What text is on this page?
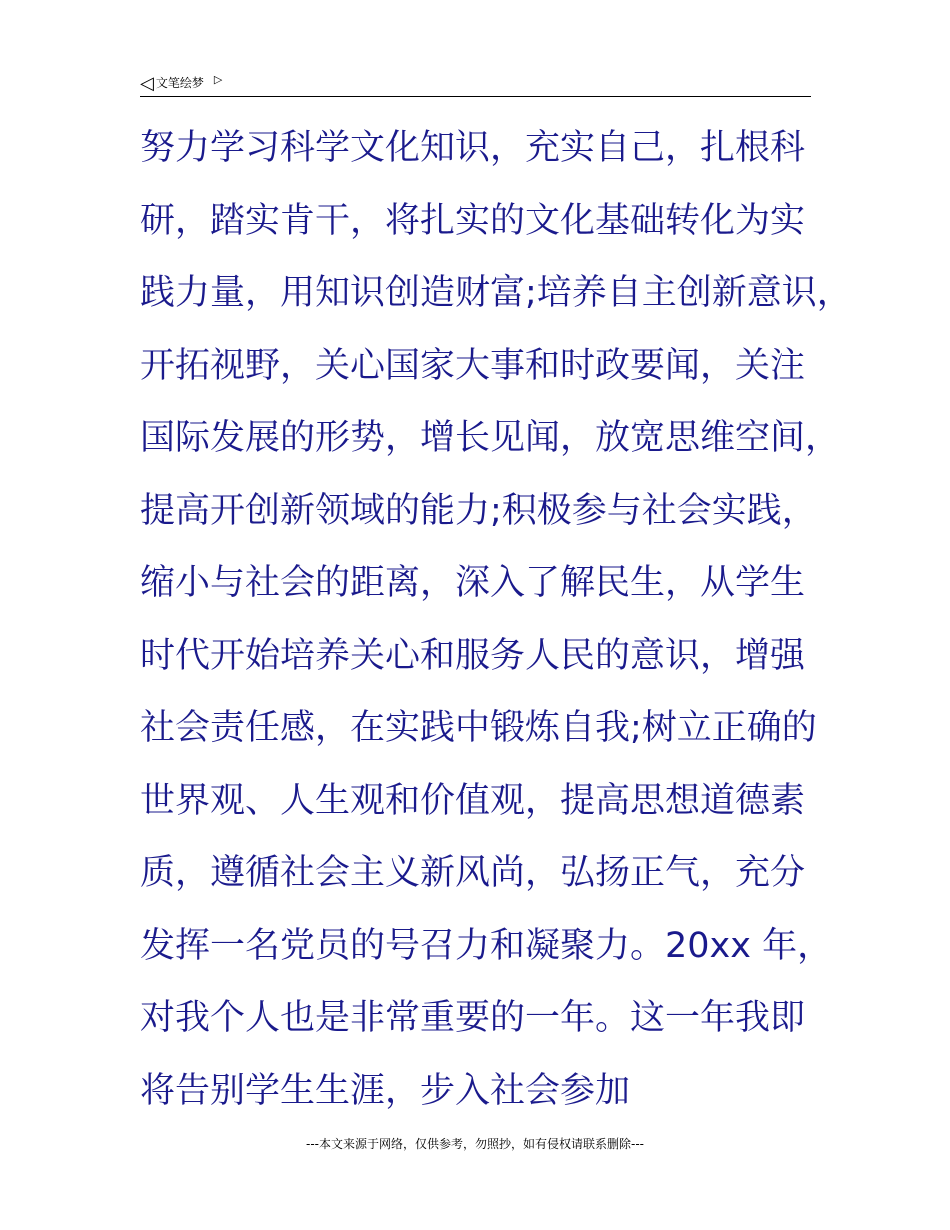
◁ 文笔绘梦 ▷
努力学习科学文化知识，充实自己，扎根科
研，踏实肯干，将扎实的文化基础转化为实
践力量，用知识创造财富;培养自主创新意识，
开拓视野，关心国家大事和时政要闻，关注
国际发展的形势，增长见闻，放宽思维空间，
提高开创新领域的能力;积极参与社会实践，
缩小与社会的距离，深入了解民生，从学生
时代开始培养关心和服务人民的意识，增强
社会责任感，在实践中锻炼自我;树立正确的
世界观、人生观和价值观，提高思想道德素
质，遵循社会主义新风尚，弘扬正气，充分
发挥一名党员的号召力和凝聚力。20xx 年，
对我个人也是非常重要的一年。这一年我即
将告别学生生涯，步入社会参加
---本文来源于网络，仅供参考，勿照抄，如有侵权请联系删除---
